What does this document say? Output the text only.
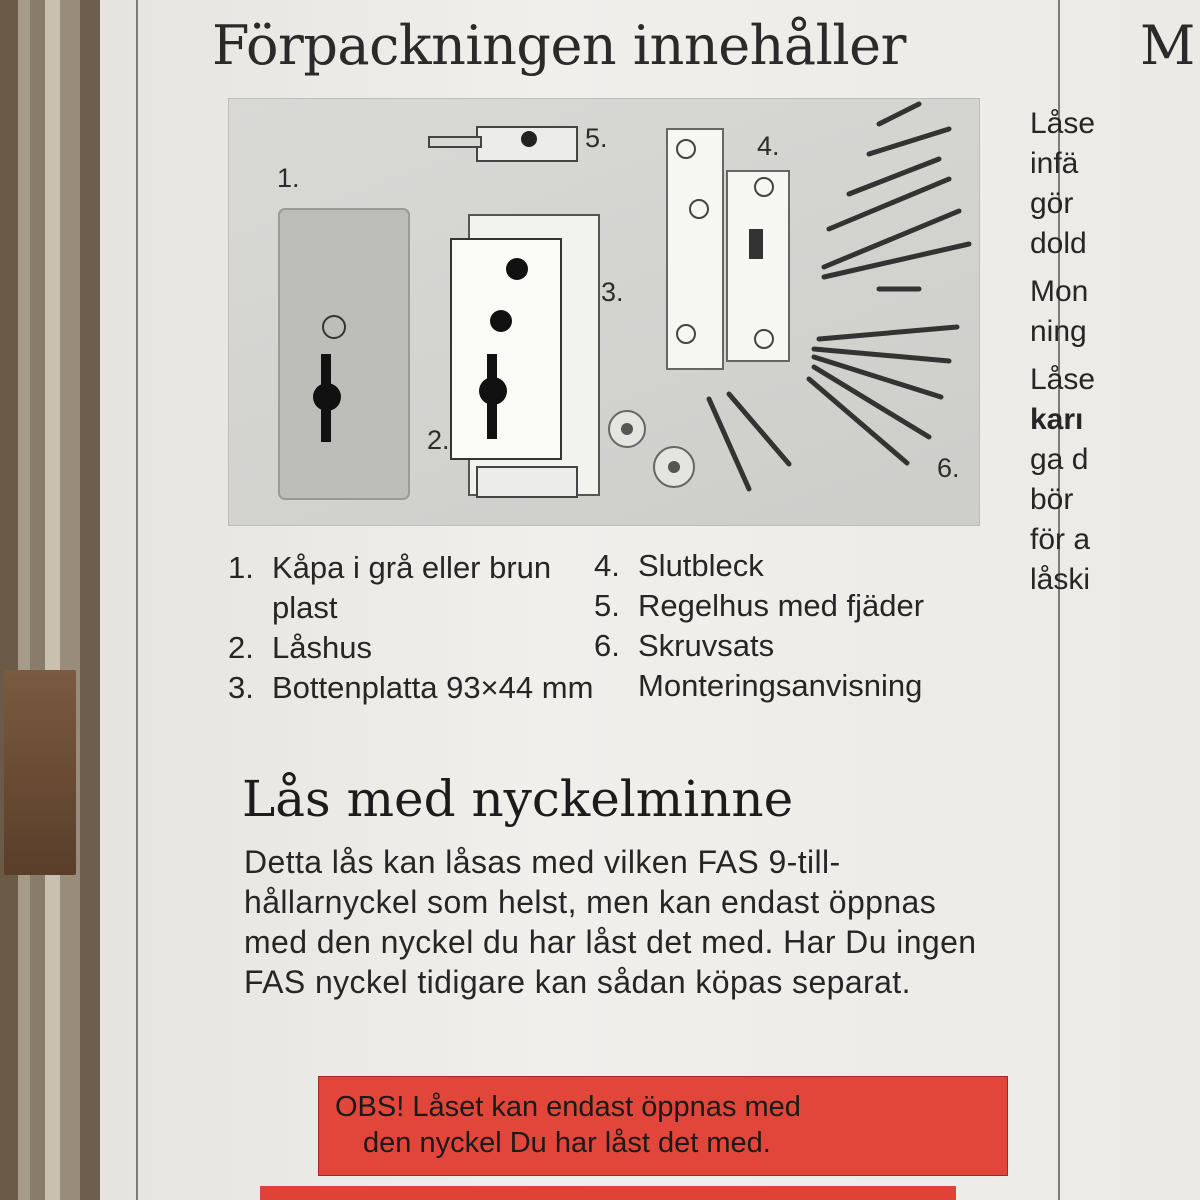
Förpackningen innehåller	M
1.
2.
3.
4.
5.
6.
1. Kåpa i grå eller brun plast
2. Låshus
3. Bottenplatta 93×44 mm
4. Slutbleck
5. Regelhus med fjäder
6. Skruvsats
Monteringsanvisning
Lås med nyckelminne

Detta lås kan låsas med vilken FAS 9-till-hållarnyckel som helst, men kan endast öppnas med den nyckel du har låst det med. Har Du ingen FAS nyckel tidigare kan sådan köpas separat.

OBS! Låset kan endast öppnas med
den nyckel Du har låst det med.

Låse

infä

gör

dold

Mon

ning

Låse

karı

ga d

bör

för a

låski
